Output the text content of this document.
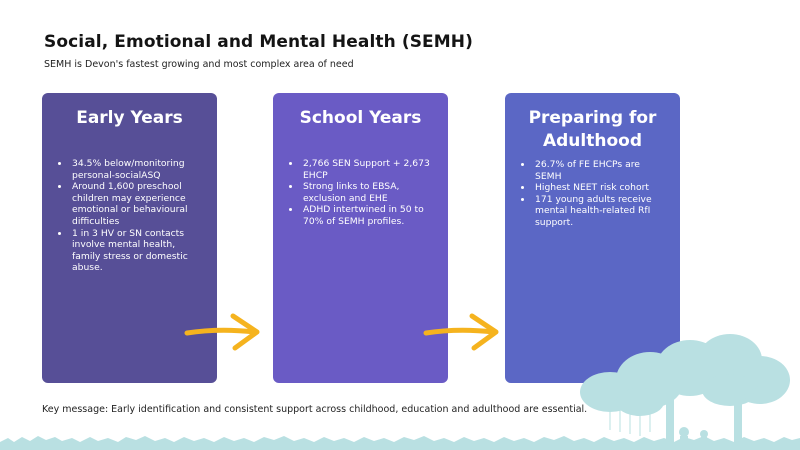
Social, Emotional and Mental Health (SEMH)
SEMH is Devon's fastest growing and most complex area of need
Early Years
• 34.5% below/monitoring personal-socialASQ
• Around 1,600 preschool children may experience emotional or behavioural difficulties
• 1 in 3 HV or SN contacts involve mental health, family stress or domestic abuse.
School Years
• 2,766 SEN Support + 2,673 EHCP
• Strong links to EBSA, exclusion and EHE
• ADHD intertwined in 50 to 70% of SEMH profiles.
Preparing for Adulthood
• 26.7% of FE EHCPs are SEMH
• Highest NEET risk cohort
• 171 young adults receive mental health-related RfI support.
Key message: Early identification and consistent support across childhood, education and adulthood are essential.
